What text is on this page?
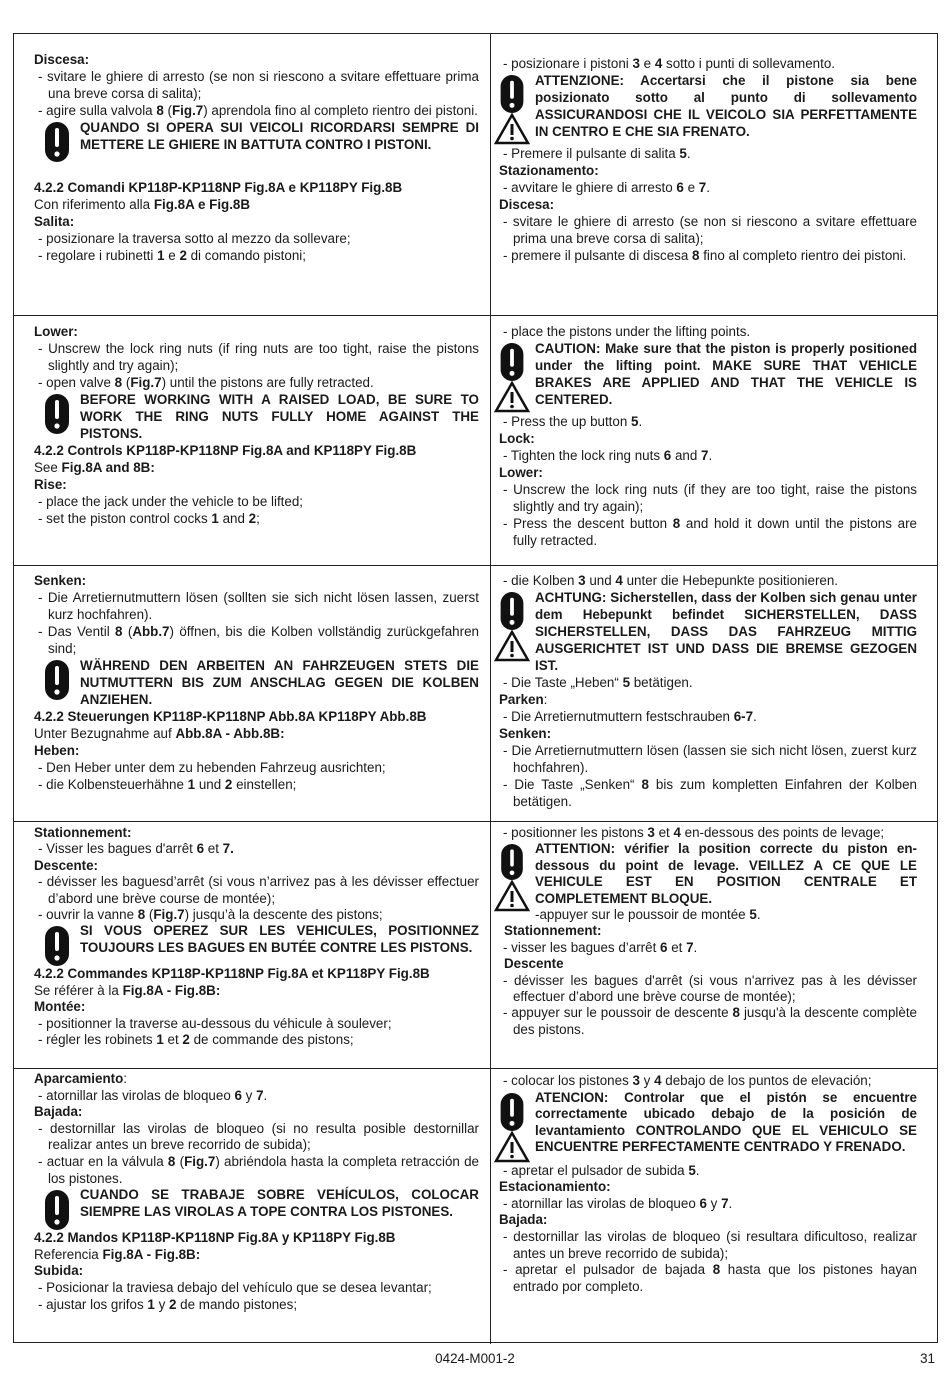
Discesa:
- svitare le ghiere di arresto (se non si riescono a svitare effettuare prima una breve corsa di salita);
- agire sulla valvola 8 (Fig.7) aprendola fino al completo rientro dei pistoni.
QUANDO SI OPERA SUI VEICOLI RICORDARSI SEMPRE DI METTERE LE GHIERE IN BATTUTA CONTRO I PISTONI.
4.2.2 Comandi KP118P-KP118NP Fig.8A e KP118PY Fig.8B
Con riferimento alla Fig.8A e Fig.8B
Salita:
- posizionare la traversa sotto al mezzo da sollevare;
- regolare i rubinetti 1 e 2 di comando pistoni;
- posizionare i pistoni 3 e 4 sotto i punti di sollevamento.
ATTENZIONE: Accertarsi che il pistone sia bene posizionato sotto al punto di sollevamento ASSICURANDOSI CHE IL VEICOLO SIA PERFETTAMENTE IN CENTRO E CHE SIA FRENATO.
- Premere il pulsante di salita 5.
Stazionamento:
- avvitare le ghiere di arresto 6 e 7.
Discesa:
- svitare le ghiere di arresto (se non si riescono a svitare effettuare prima una breve corsa di salita);
- premere il pulsante di discesa 8 fino al completo rientro dei pistoni.
Lower:
- Unscrew the lock ring nuts (if ring nuts are too tight, raise the pistons slightly and try again);
- open valve 8 (Fig.7) until the pistons are fully retracted.
BEFORE WORKING WITH A RAISED LOAD, BE SURE TO WORK THE RING NUTS FULLY HOME AGAINST THE PISTONS.
4.2.2 Controls KP118P-KP118NP Fig.8A and KP118PY Fig.8B
See Fig.8A and 8B:
Rise:
- place the jack under the vehicle to be lifted;
- set the piston control cocks 1 and 2;
- place the pistons under the lifting points.
CAUTION: Make sure that the piston is properly positioned under the lifting point. MAKE SURE THAT VEHICLE BRAKES ARE APPLIED AND THAT THE VEHICLE IS CENTERED.
- Press the up button 5.
Lock:
- Tighten the lock ring nuts 6 and 7.
Lower:
- Unscrew the lock ring nuts (if they are too tight, raise the pistons slightly and try again);
- Press the descent button 8 and hold it down until the pistons are fully retracted.
Senken:
- Die Arretiernutmuttern lösen (sollten sie sich nicht lösen lassen, zuerst kurz hochfahren).
- Das Ventil 8 (Abb.7) öffnen, bis die Kolben vollständig zurückgefahren sind;
WÄHREND DEN ARBEITEN AN FAHRZEUGEN STETS DIE NUTMUTTERN BIS ZUM ANSCHLAG GEGEN DIE KOLBEN ANZIEHEN.
4.2.2 Steuerungen KP118P-KP118NP Abb.8A KP118PY Abb.8B
Unter Bezugnahme auf Abb.8A - Abb.8B:
Heben:
- Den Heber unter dem zu hebenden Fahrzeug ausrichten;
- die Kolbensteuerhähne 1 und 2 einstellen;
- die Kolben 3 und 4 unter die Hebepunkte positionieren.
ACHTUNG: Sicherstellen, dass der Kolben sich genau unter dem Hebepunkt befindet SICHERSTELLEN, DASS SICHERSTELLEN, DASS DAS FAHRZEUG MITTIG AUSGERICHTET IST UND DASS DIE BREMSE GEZOGEN IST.
- Die Taste „Heben“ 5 betätigen.
Parken:
- Die Arretiernutmuttern festschrauben 6-7.
Senken:
- Die Arretiernutmuttern lösen (lassen sie sich nicht lösen, zuerst kurz hochfahren).
- Die Taste „Senken“ 8 bis zum kompletten Einfahren der Kolben betätigen.
Stationnement:
- Visser les bagues d'arrêt 6 et 7.
Descente:
- dévisser les baguesd’arrêt (si vous n’arrivez pas à les dévisser effectuer d’abord une brève course de montée);
- ouvrir la vanne 8 (Fig.7) jusqu’à la descente des pistons;
SI VOUS OPEREZ SUR LES VEHICULES, POSITIONNEZ TOUJOURS LES BAGUES EN BUTÉE CONTRE LES PISTONS.
4.2.2 Commandes KP118P-KP118NP Fig.8A et KP118PY Fig.8B
Se référer à la Fig.8A - Fig.8B:
Montée:
- positionner la traverse au-dessous du véhicule à soulever;
- régler les robinets 1 et 2 de commande des pistons;
- positionner les pistons 3 et 4 en-dessous des points de levage;
ATTENTION: vérifier la position correcte du piston en-dessous du point de levage. VEILLEZ A CE QUE LE VEHICULE EST EN POSITION CENTRALE ET COMPLETEMENT BLOQUE.
-appuyer sur le poussoir de montée 5.
Stationnement:
- visser les bagues d’arrêt 6 et 7.
Descente
- dévisser les bagues d'arrêt (si vous n'arrivez pas à les dévisser effectuer d’abord une brève course de montée);
- appuyer sur le poussoir de descente 8 jusqu'à la descente complète des pistons.
Aparcamiento:
- atornillar las virolas de bloqueo 6 y 7.
Bajada:
- destornillar las virolas de bloqueo (si no resulta posible destornillar realizar antes un breve recorrido de subida);
- actuar en la válvula 8 (Fig.7) abriéndola hasta la completa retracción de los pistones.
CUANDO SE TRABAJE SOBRE VEHÍCULOS, COLOCAR SIEMPRE LAS VIROLAS A TOPE CONTRA LOS PISTONES.
4.2.2 Mandos KP118P-KP118NP Fig.8A y KP118PY Fig.8B
Referencia Fig.8A - Fig.8B:
Subida:
- Posicionar la traviesa debajo del vehículo que se desea levantar;
- ajustar los grifos 1 y 2 de mando pistones;
- colocar los pistones 3 y 4 debajo de los puntos de elevación;
ATENCION: Controlar que el pistón se encuentre correctamente ubicado debajo de la posición de levantamiento CONTROLANDO QUE EL VEHICULO SE ENCUENTRE PERFECTAMENTE CENTRADO Y FRENADO.
- apretar el pulsador de subida 5.
Estacionamiento:
- atornillar las virolas de bloqueo 6 y 7.
Bajada:
- destornillar las virolas de bloqueo (si resultara dificultoso, realizar antes un breve recorrido de subida);
- apretar el pulsador de bajada 8 hasta que los pistones hayan entrado por completo.
0424-M001-2	31
